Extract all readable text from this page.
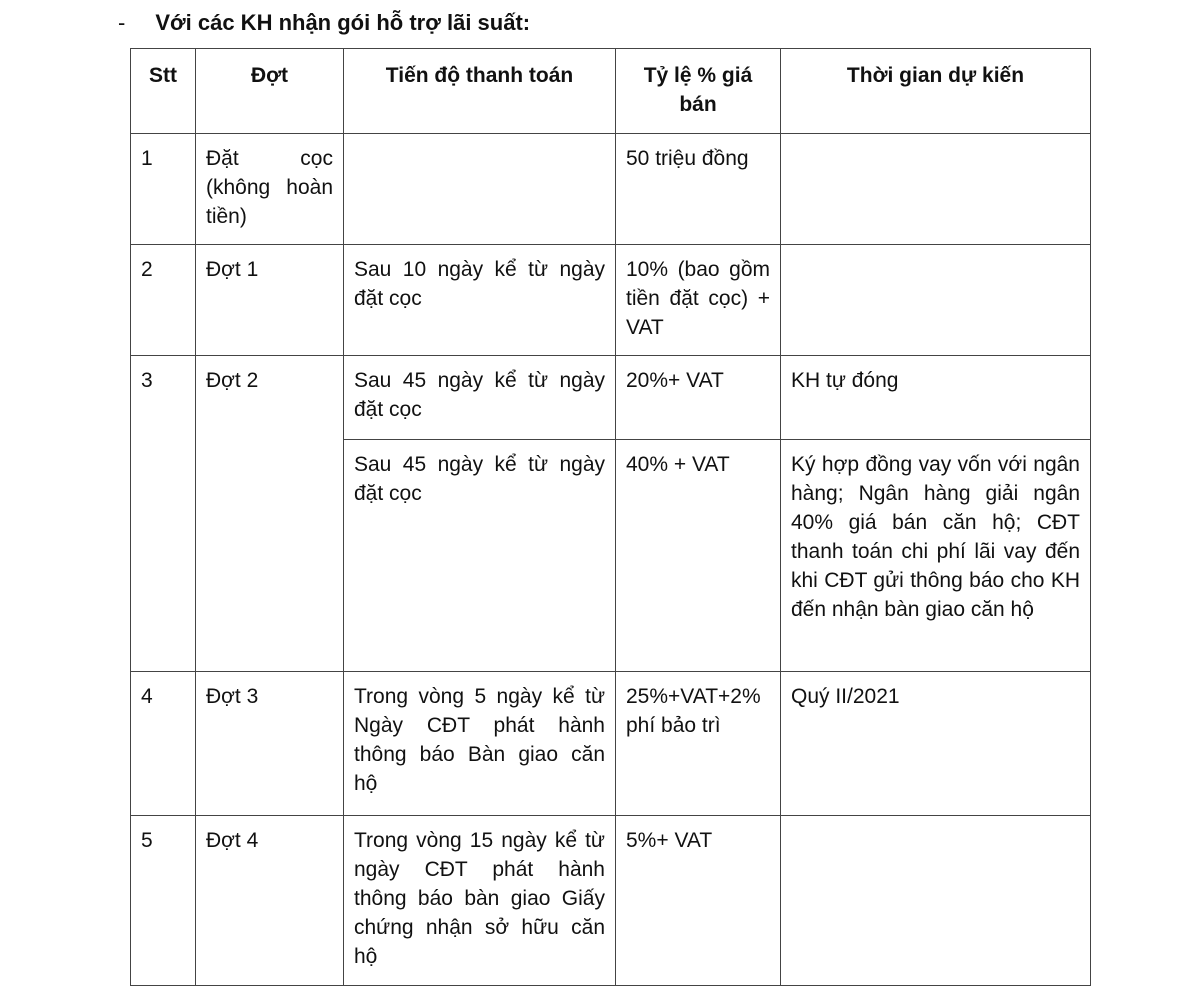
- Với các KH nhận gói hỗ trợ lãi suất:
Stt	Đợt	Tiến độ thanh toán	Tỷ lệ % giá bán	Thời gian dự kiến
1	Đặt cọc (không hoàn tiền)		50 triệu đồng	
2	Đợt 1	Sau 10 ngày kể từ ngày đặt cọc	10% (bao gồm tiền đặt cọc) + VAT	
3	Đợt 2	Sau 45 ngày kể từ ngày đặt cọc	20%+ VAT	KH tự đóng
		Sau 45 ngày kể từ ngày đặt cọc	40% + VAT	Ký hợp đồng vay vốn với ngân hàng; Ngân hàng giải ngân 40% giá bán căn hộ; CĐT thanh toán chi phí lãi vay đến khi CĐT gửi thông báo cho KH đến nhận bàn giao căn hộ
4	Đợt 3	Trong vòng 5 ngày kể từ Ngày CĐT phát hành thông báo Bàn giao căn hộ	25%+VAT+2% phí bảo trì	Quý II/2021
5	Đợt 4	Trong vòng 15 ngày kể từ ngày CĐT phát hành thông báo bàn giao Giấy chứng nhận sở hữu căn hộ	5%+ VAT	
